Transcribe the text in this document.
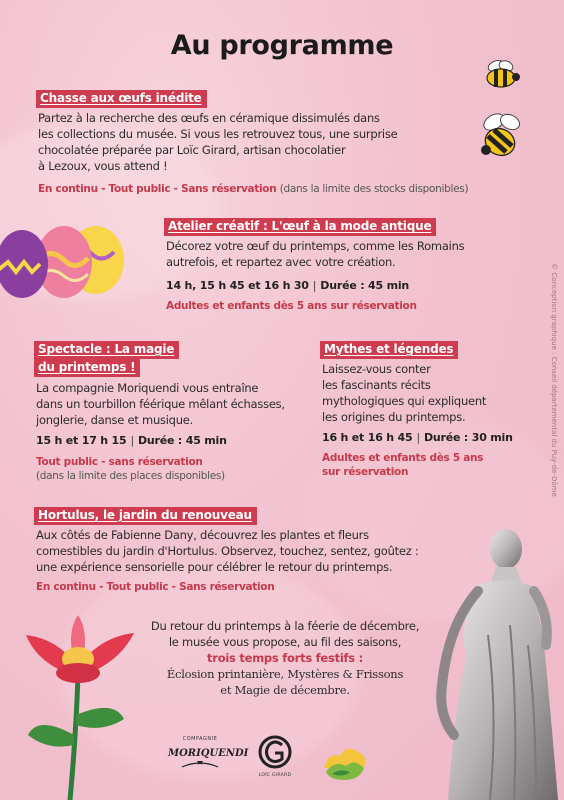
Au programme
Chasse aux œufs inédite
Partez à la recherche des œufs en céramique dissimulés dans
les collections du musée. Si vous les retrouvez tous, une surprise
chocolatée préparée par Loïc Girard, artisan chocolatier
à Lezoux, vous attend !
En continu - Tout public - Sans réservation (dans la limite des stocks disponibles)
Atelier créatif : L'œuf à la mode antique
Décorez votre œuf du printemps, comme les Romains
autrefois, et repartez avec votre création.
14 h, 15 h 45 et 16 h 30 | Durée : 45 min
Adultes et enfants dès 5 ans sur réservation
Spectacle : La magie
du printemps !
La compagnie Moriquendi vous entraîne
dans un tourbillon féérique mêlant échasses,
jonglerie, danse et musique.
15 h et 17 h 15 | Durée : 45 min
Tout public - sans réservation
(dans la limite des places disponibles)
Mythes et légendes
Laissez-vous conter
les fascinants récits
mythologiques qui expliquent
les origines du printemps.
16 h et 16 h 45 | Durée : 30 min
Adultes et enfants dès 5 ans
sur réservation
Hortulus, le jardin du renouveau
Aux côtés de Fabienne Dany, découvrez les plantes et fleurs
comestibles du jardin d'Hortulus. Observez, touchez, sentez, goûtez :
une expérience sensorielle pour célébrer le retour du printemps.
En continu - Tout public - Sans réservation
Du retour du printemps à la féerie de décembre,
le musée vous propose, au fil des saisons,
trois temps forts festifs :
Éclosion printanière, Mystères & Frissons
et Magie de décembre.
COMPAGNIE
MORIQUENDI
LOÏC GIRARD
© Conception graphique : Conseil départemental du Puy-de-Dôme
